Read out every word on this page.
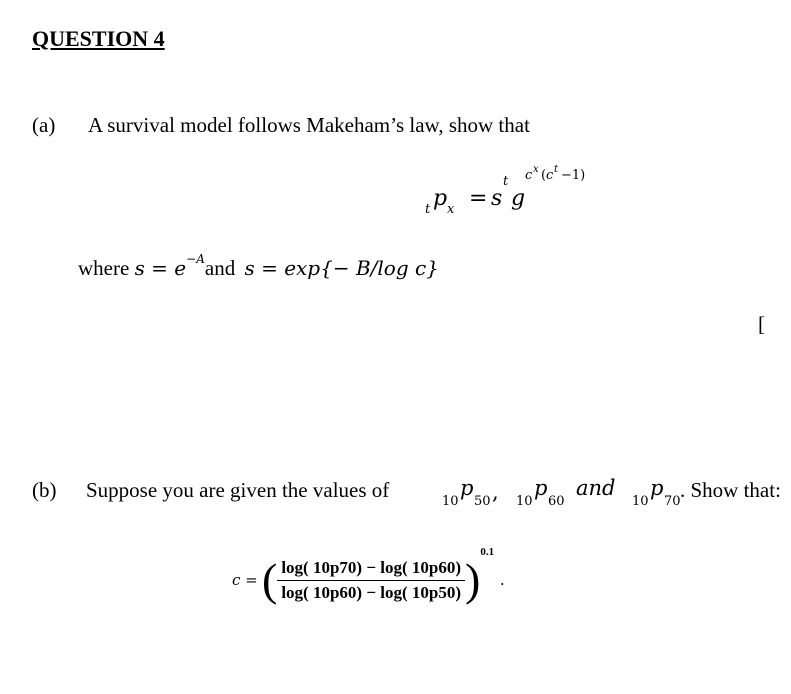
QUESTION 4
(a) A survival model follows Makeham’s law, show that
t p x = s
t
g
c x ( c t −1)
where $s = e^{-A}and$ s = exp{− B/log c}
[
(b) Suppose you are given the values of	10
p
50 , 10
p
60
and
10
p
70 . Show that:
c = ( $\frac{\log( 10p70) - \log( 10p60)}{\log( 10p60) - \log( 10p50)} )^{0.1}$.
